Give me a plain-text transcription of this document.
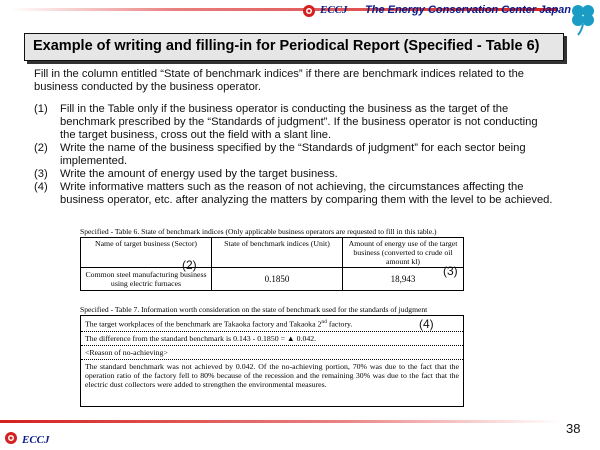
ECCJ The Energy Conservation Center Japan
Example of writing and filling-in for Periodical Report (Specified - Table 6)
Fill in the column entitled “State of benchmark indices” if there are benchmark indices related to the business conducted by the business operator.
(1) Fill in the Table only if the business operator is conducting the business as the target of the benchmark prescribed by the “Standards of judgment”. If the business operator is not conducting the target business, cross out the field with a slant line.
(2) Write the name of the business specified by the “Standards of judgment” for each sector being implemented.
(3) Write the amount of energy used by the target business.
(4) Write informative matters such as the reason of not achieving, the circumstances affecting the business operator, etc. after analyzing the matters by comparing them with the level to be achieved.
Specified - Table 6. State of benchmark indices (Only applicable business operators are requested to fill in this table.)
Name of target business (Sector)	State of benchmark indices (Unit)	Amount of energy use of the target business (converted to crude oil amount kl)
Common steel manufacturing business using electric furnaces	0.1850	18,943
(2)	(3)
Specified - Table 7. Information worth consideration on the state of benchmark used for the standards of judgment
The target workplaces of the benchmark are Takaoka factory and Takaoka 2nd factory.
The difference from the standard benchmark is 0.143 - 0.1850 = ▲ 0.042.
<Reason of no-achieving>
The standard benchmark was not achieved by 0.042. Of the no-achieving portion, 70% was due to the fact that the operation ratio of the factory fell to 80% because of the recession and the remaining 30% was due to the fact that the electric dust collectors were added to strengthen the environmental measures.
(4)
ECCJ
38
